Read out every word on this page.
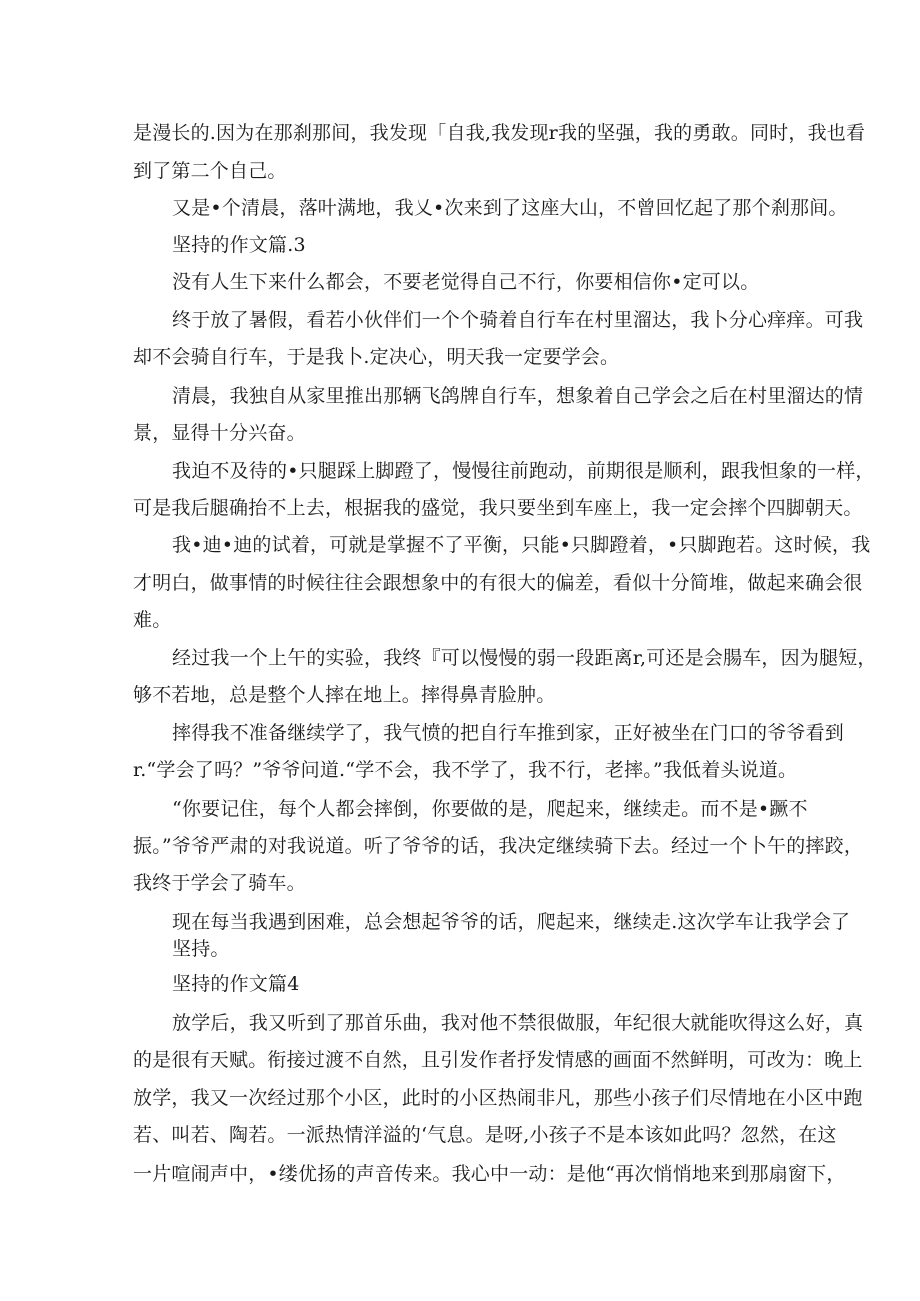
是漫长的.因为在那刹那间，我发现「自我,我发现r我的坚强，我的勇敢。同时，我也看
到了第二个自己。
又是•个清晨，落叶满地，我乂•次来到了这座大山，不曾回忆起了那个刹那间。
坚持的作文篇.3
没有人生下来什么都会，不要老觉得自己不行，你要相信你•定可以。
终于放了暑假，看若小伙伴们一个个骑着自行车在村里溜达，我卜分心痒痒。可我
却不会骑自行车，于是我卜.定决心，明天我一定要学会。
清晨，我独自从家里推出那辆飞鸽牌自行车，想象着自己学会之后在村里溜达的情
景，显得十分兴奋。
我迫不及待的•只腿踩上脚蹬了，慢慢往前跑动，前期很是顺利，跟我怛象的一样，
可是我后腿确抬不上去，根据我的盛觉，我只要坐到车座上，我一定会摔个四脚朝天。
我•迪•迪的试着，可就是掌握不了平衡，只能•只脚蹬着，•只脚跑若。这时候，我
才明白，做事情的时候往往会跟想象中的有很大的偏差，看似十分简堆，做起来确会很
难。
经过我一个上午的实验，我终『可以慢慢的弱一段距离r,可还是会腸车，因为腿短，
够不若地，总是整个人摔在地上。摔得鼻青脸肿。
摔得我不准备继续学了，我气愤的把自行车推到家，正好被坐在门口的爷爷看到
r.“学会了吗？”爷爷问道.“学不会，我不学了，我不行，老摔。”我低着头说道。
“你要记住，每个人都会摔倒，你要做的是，爬起来，继续走。而不是•蹶不
振。”爷爷严肃的对我说道。听了爷爷的话，我决定继续骑下去。经过一个卜午的摔跤，
我终于学会了骑车。
现在每当我遇到困难，总会想起爷爷的话，爬起来，继续走.这次学车让我学会了
坚持。
坚持的作文篇4
放学后，我又听到了那首乐曲，我对他不禁很做服，年纪很大就能吹得这么好，真
的是很有天赋。衔接过渡不自然，且引发作者抒发情感的画面不然鲜明，可改为：晚上
放学，我又一次经过那个小区，此时的小区热闹非凡，那些小孩子们尽情地在小区中跑
若、叫若、陶若。一派热情洋溢的‘气息。是呀,小孩子不是本该如此吗？忽然，在这
一片喧闹声中，•缕优扬的声音传来。我心中一动：是他“再次悄悄地来到那扇窗下，
